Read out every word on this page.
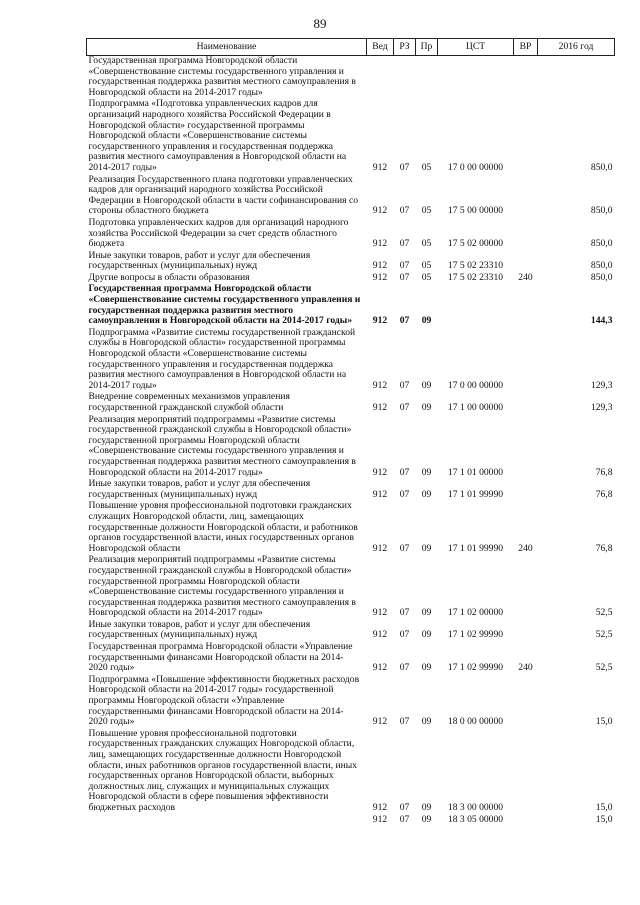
89
Наименование	Вед	РЗ	Пр	ЦСТ	ВР	2016 год
Государственная программа Новгородской области «Совершенствование системы государственного управления и государственная поддержка развития местного самоуправления в Новгородской области на 2014-2017 годы»						
Подпрограмма «Подготовка управленческих кадров для организаций народного хозяйства Российской Федерации в Новгородской области» государственной программы Новгородской области «Совершенствование системы государственного управления и государственная поддержка развития местного самоуправления в Новгородской области на 2014-2017 годы»	912	07	05	17 0 00 00000		850,0
Реализация Государственного плана подготовки управленческих кадров для организаций народного хозяйства Российской Федерации в Новгородской области в части софинансирования со стороны областного бюджета	912	07	05	17 5 00 00000		850,0
Подготовка управленческих кадров для организаций народного хозяйства Российской Федерации за счет средств областного бюджета	912	07	05	17 5 02 00000		850,0
Иные закупки товаров, работ и услуг для обеспечения государственных (муниципальных) нужд	912	07	05	17 5 02 23310		850,0
Другие вопросы в области образования	912	07	05	17 5 02 23310	240	850,0
Государственная программа Новгородской области «Совершенствование системы государственного управления и государственная поддержка развития местного самоуправления в Новгородской области на 2014-2017 годы»	912	07	09			144,3
Подпрограмма «Развитие системы государственной гражданской службы в Новгородской области» государственной программы Новгородской области «Совершенствование системы государственного управления и государственная поддержка развития местного самоуправления в Новгородской области на 2014-2017 годы»	912	07	09	17 0 00 00000		129,3
Внедрение современных механизмов управления государственной гражданской службой области	912	07	09	17 1 00 00000		129,3
Реализация мероприятий подпрограммы «Развитие системы государственной гражданской службы в Новгородской области» государственной программы Новгородской области «Совершенствование системы государственного управления и государственная поддержка развития местного самоуправления в Новгородской области на 2014-2017 годы»	912	07	09	17 1 01 00000		76,8
Иные закупки товаров, работ и услуг для обеспечения государственных (муниципальных) нужд	912	07	09	17 1 01 99990		76,8
Повышение уровня профессиональной подготовки гражданских служащих Новгородской области, лиц, замещающих государственные должности Новгородской области, и работников органов государственной власти, иных государственных органов Новгородской области	912	07	09	17 1 01 99990	240	76,8
Реализация мероприятий подпрограммы «Развитие системы государственной гражданской службы в Новгородской области» государственной программы Новгородской области «Совершенствование системы государственного управления и государственная поддержка развития местного самоуправления в Новгородской области на 2014-2017 годы»	912	07	09	17 1 02 00000		52,5
Иные закупки товаров, работ и услуг для обеспечения государственных (муниципальных) нужд	912	07	09	17 1 02 99990		52,5
Государственная программа Новгородской области «Управление государственными финансами Новгородской области на 2014-2020 годы»	912	07	09	17 1 02 99990	240	52,5
Подпрограмма «Повышение эффективности бюджетных расходов Новгородской области на 2014-2017 годы» государственной программы Новгородской области «Управление государственными финансами Новгородской области на 2014-2020 годы»	912	07	09	18 0 00 00000		15,0
Повышение уровня профессиональной подготовки государственных гражданских служащих Новгородской области, лиц, замещающих государственные должности Новгородской области, иных работников органов государственной власти, иных государственных органов Новгородской области, выборных должностных лиц, служащих и муниципальных служащих Новгородской области в сфере повышения эффективности бюджетных расходов	912	07	09	18 3 00 00000		15,0
	912	07	09	18 3 05 00000		15,0
